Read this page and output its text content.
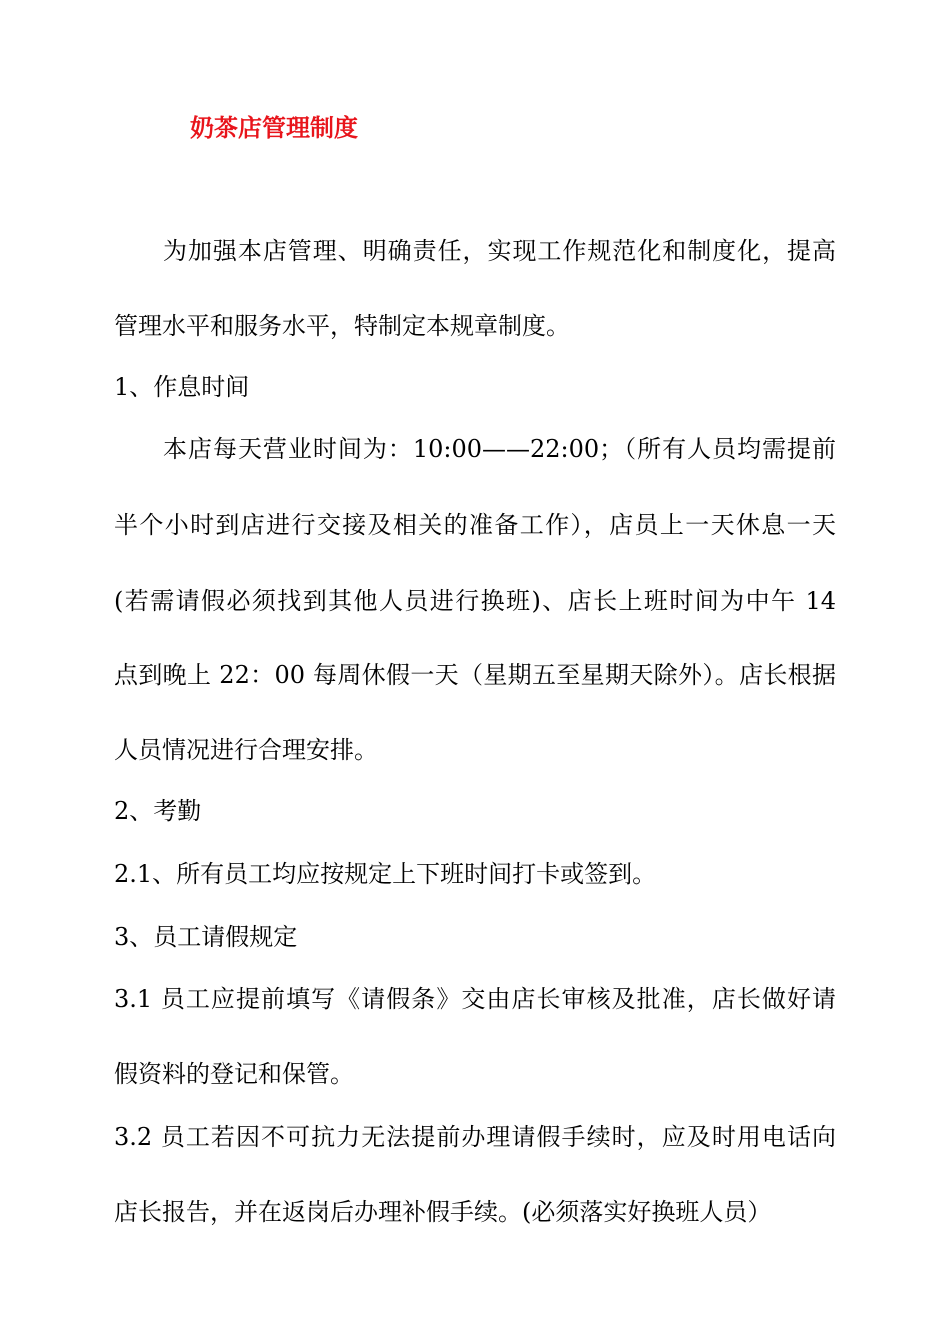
奶茶店管理制度
为加强本店管理、明确责任，实现工作规范化和制度化，提高
管理水平和服务水平，特制定本规章制度。
1、作息时间
本店每天营业时间为：10:00——22:00；（所有人员均需提前
半个小时到店进行交接及相关的准备工作），店员上一天休息一天
(若需请假必须找到其他人员进行换班)、店长上班时间为中午 14
点到晚上 22：00 每周休假一天（星期五至星期天除外）。店长根据
人员情况进行合理安排。
2、考勤
2.1、所有员工均应按规定上下班时间打卡或签到。
3、员工请假规定
3.1 员工应提前填写《请假条》交由店长审核及批准，店长做好请
假资料的登记和保管。
3.2 员工若因不可抗力无法提前办理请假手续时，应及时用电话向
店长报告，并在返岗后办理补假手续。(必须落实好换班人员）
